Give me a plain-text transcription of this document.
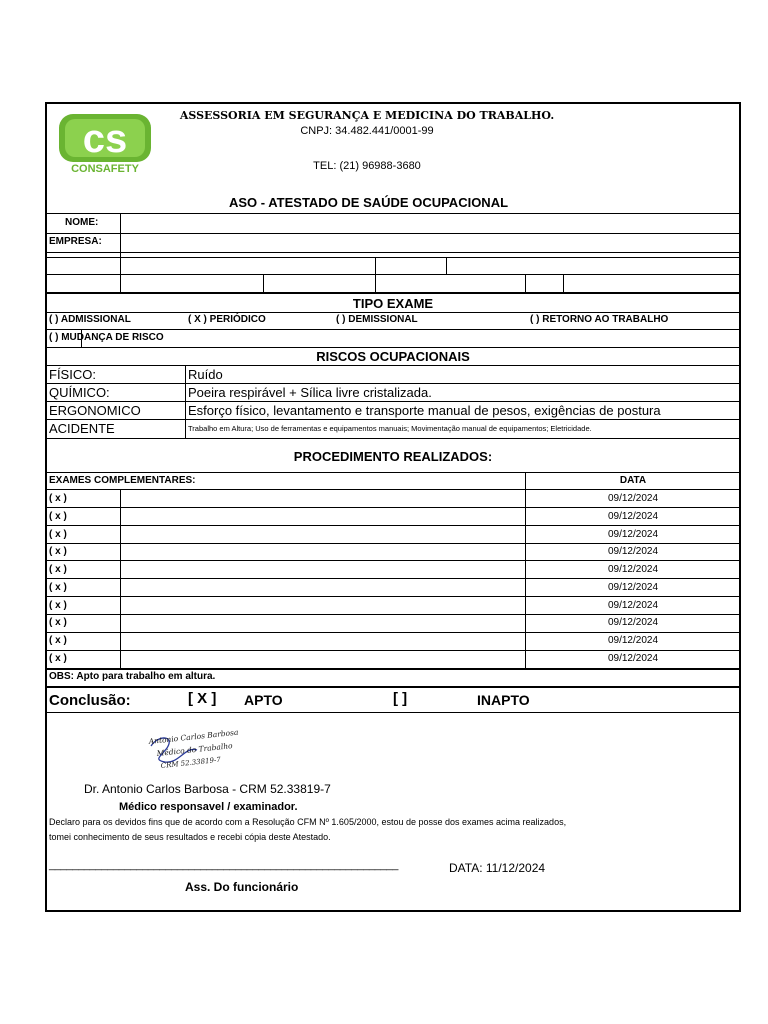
cs
CONSAFETY
ASSESSORIA EM SEGURANÇA E MEDICINA DO TRABALHO.
CNPJ: 34.482.441/0001-99
TEL: (21) 96988-3680
ASO - ATESTADO DE SAÚDE OCUPACIONAL
NOME:
EMPRESA:
TIPO EXAME
( ) ADMISSIONAL	( X ) PERIÓDICO	( ) DEMISSIONAL	( ) RETORNO AO TRABALHO
( ) MUDANÇA DE RISCO
RISCOS OCUPACIONAIS
FÍSICO:	Ruído
QUÍMICO:	Poeira respirável + Sílica livre cristalizada.
ERGONOMICO	Esforço físico, levantamento e transporte manual de pesos, exigências de postura
ACIDENTE	Trabalho em Altura; Uso de ferramentas e equipamentos manuais; Movimentação manual de equipamentos; Eletricidade.
PROCEDIMENTO REALIZADOS:
EXAMES COMPLEMENTARES:	DATA
( x )	09/12/2024
( x )	09/12/2024
( x )	09/12/2024
( x )	09/12/2024
( x )	09/12/2024
( x )	09/12/2024
( x )	09/12/2024
( x )	09/12/2024
( x )	09/12/2024
( x )	09/12/2024
OBS: Apto para trabalho em altura.
Conclusão:	[ X ] APTO	[ ]	INAPTO
Antonio Carlos Barbosa
Médico do Trabalho
CRM 52.33819-7
Dr. Antonio Carlos Barbosa - CRM 52.33819-7
Médico responsavel / examinador.
Declaro para os devidos fins que de acordo com a Resolução CFM Nº 1.605/2000, estou de posse dos exames acima realizados,
tomei conhecimento de seus resultados e recebi cópia deste Atestado.
____________________________________________________________	DATA: 11/12/2024
Ass. Do funcionário
